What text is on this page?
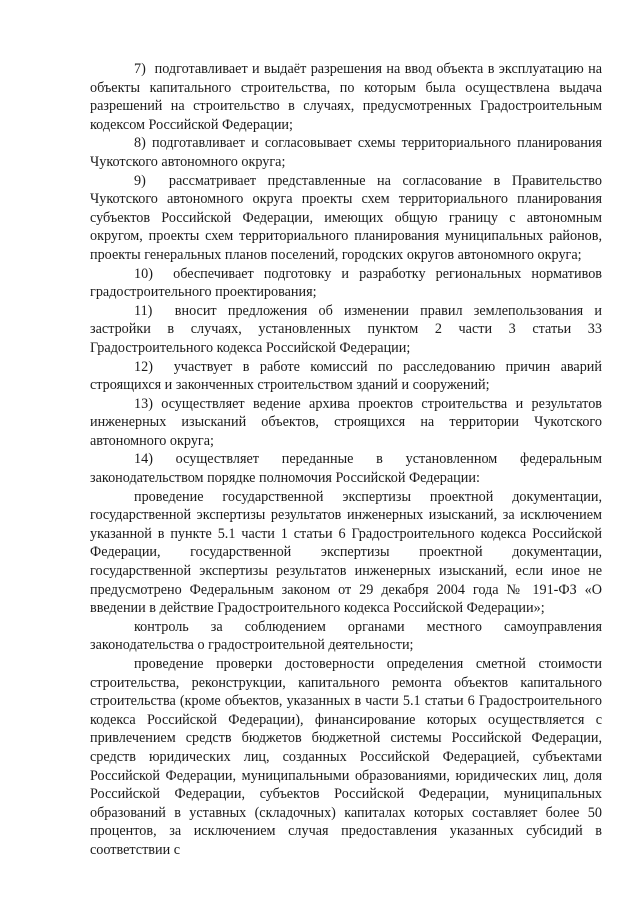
7)  подготавливает и выдаёт разрешения на ввод объекта в эксплуатацию на объекты капитального строительства, по которым была осуществлена выдача разрешений на строительство в случаях, предусмотренных Градостроительным кодексом Российской Федерации;

8) подготавливает и согласовывает схемы территориального планирования Чукотского автономного округа;

9)  рассматривает представленные на согласование в Правительство Чукотского автономного округа проекты схем территориального планирования субъектов Российской Федерации, имеющих общую границу с автономным округом, проекты схем территориального планирования муниципальных районов, проекты генеральных планов поселений, городских округов автономного округа;

10)  обеспечивает подготовку и разработку региональных нормативов градостроительного проектирования;

11)  вносит предложения об изменении правил землепользования и застройки в случаях, установленных пунктом 2 части 3 статьи 33 Градостроительного кодекса Российской Федерации;

12)  участвует в работе комиссий по расследованию причин аварий строящихся и законченных строительством зданий и сооружений;

13) осуществляет ведение архива проектов строительства и результатов инженерных изысканий объектов, строящихся на территории Чукотского автономного округа;

14) осуществляет переданные в установленном федеральным законодательством порядке полномочия Российской Федерации:

проведение государственной экспертизы проектной документации, государственной экспертизы результатов инженерных изысканий, за исключением указанной в пункте 5.1 части 1 статьи 6 Градостроительного кодекса Российской Федерации, государственной экспертизы проектной документации, государственной экспертизы результатов инженерных изысканий, если иное не предусмотрено Федеральным законом от 29 декабря 2004 года № 191-ФЗ «О введении в действие Градостроительного кодекса Российской Федерации»;

контроль за соблюдением органами местного самоуправления законодательства о градостроительной деятельности;

проведение проверки достоверности определения сметной стоимости строительства, реконструкции, капитального ремонта объектов капитального строительства (кроме объектов, указанных в части 5.1 статьи 6 Градостроительного кодекса Российской Федерации), финансирование которых осуществляется с привлечением средств бюджетов бюджетной системы Российской Федерации, средств юридических лиц, созданных Российской Федерацией, субъектами Российской Федерации, муниципальными образованиями, юридических лиц, доля Российской Федерации, субъектов Российской Федерации, муниципальных образований в уставных (складочных) капиталах которых составляет более 50 процентов, за исключением случая предоставления указанных субсидий в соответствии с
